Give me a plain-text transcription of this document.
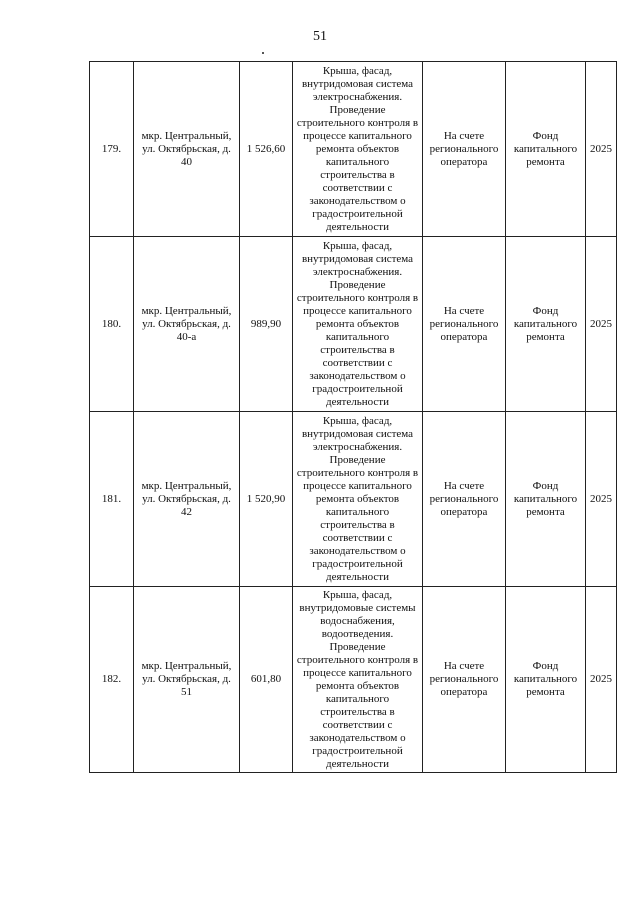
51
179.	мкр. Центральный, ул. Октябрьская, д. 40	1 526,60	Крыша, фасад, внутридомовая система электроснабжения. Проведение строительного контроля в процессе капитального ремонта объектов капитального строительства в соответствии с законодательством о градостроительной деятельности	На счете регионального оператора	Фонд капитального ремонта	2025
180.	мкр. Центральный, ул. Октябрьская, д. 40-а	989,90	Крыша, фасад, внутридомовая система электроснабжения. Проведение строительного контроля в процессе капитального ремонта объектов капитального строительства в соответствии с законодательством о градостроительной деятельности	На счете регионального оператора	Фонд капитального ремонта	2025
181.	мкр. Центральный, ул. Октябрьская, д. 42	1 520,90	Крыша, фасад, внутридомовая система электроснабжения. Проведение строительного контроля в процессе капитального ремонта объектов капитального строительства в соответствии с законодательством о градостроительной деятельности	На счете регионального оператора	Фонд капитального ремонта	2025
182.	мкр. Центральный, ул. Октябрьская, д. 51	601,80	Крыша, фасад, внутридомовые системы водоснабжения, водоотведения. Проведение строительного контроля в процессе капитального ремонта объектов капитального строительства в соответствии с законодательством о градостроительной деятельности	На счете регионального оператора	Фонд капитального ремонта	2025
